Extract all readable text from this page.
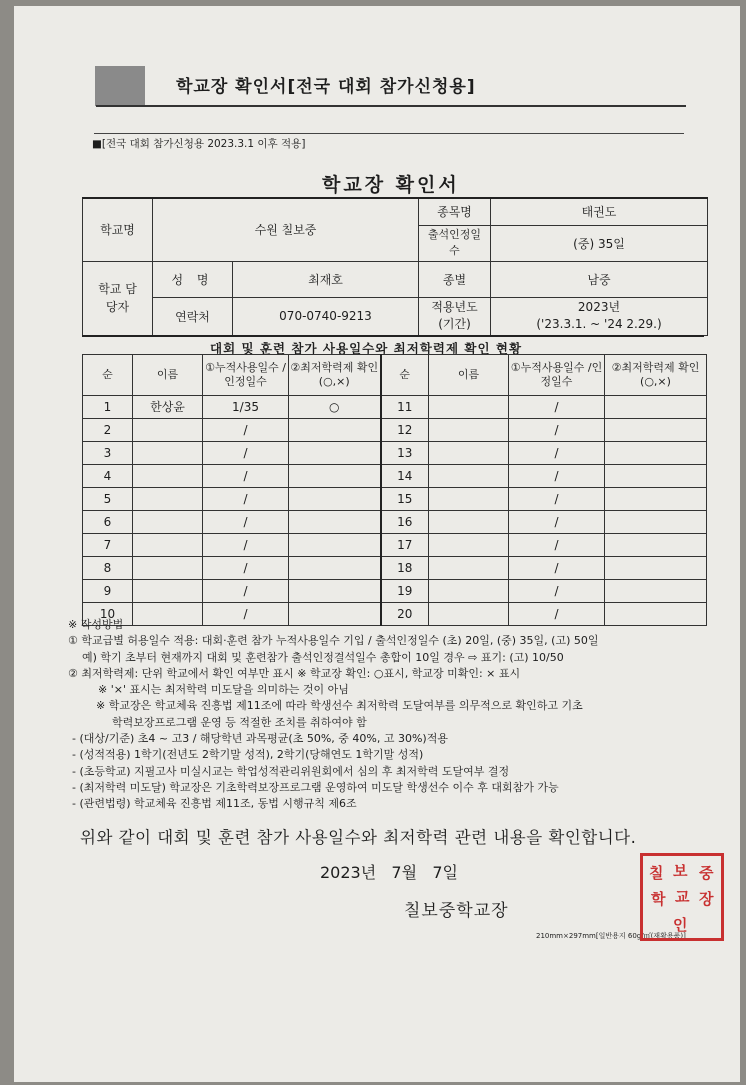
학교장 확인서[전국 대회 참가신청용]
■[전국 대회 참가신청용 2023.3.1 이후 적용]
학교장 확인서
학교명	수원 칠보중		종목명	태권도
			출석인정일수	(중) 35일
학교 담당자	성 명	최재호	종별	남중
	연락처	070-0740-9213	적용년도 (기간)	2023년
('23.3.1. ~ '24 2.29.)
대회 및 훈련 참가 사용일수와 최저학력제 확인 현황
순	이름	①누적사용일수 /인정일수	②최저학력제 확인(○,×)	순	이름	①누적사용일수 /인정일수	②최저학력제 확인(○,×)
1	한상윤	1/35	○	11		/	
2		/		12		/	
3		/		13		/	
4		/		14		/	
5		/		15		/	
6		/		16		/	
7		/		17		/	
8		/		18		/	
9		/		19		/	
10		/		20		/	
※ 작성방법
① 학교급별 허용일수 적용: 대회·훈련 참가 누적사용일수 기입 / 출석인정일수 (초) 20일, (중) 35일, (고) 50일
예) 학기 초부터 현재까지 대회 및 훈련참가 출석인정결석일수 총합이 10일 경우 ⇨ 표기: (고) 10/50
② 최저학력제: 단위 학교에서 확인 여부만 표시 ※ 학교장 확인: ○표시, 학교장 미확인: × 표시
※ '×' 표시는 최저학력 미도달을 의미하는 것이 아님
※ 학교장은 학교체육 진흥법 제11조에 따라 학생선수 최저학력 도달여부를 의무적으로 확인하고 기초
학력보장프로그램 운영 등 적절한 조치를 취하여야 함
- (대상/기준) 초4 ~ 고3 / 해당학년 과목평균(초 50%, 중 40%, 고 30%)적용
- (성적적용) 1학기(전년도 2학기말 성적), 2학기(당해연도 1학기말 성적)
- (초등학교) 지필고사 미실시교는 학업성적관리위원회에서 심의 후 최저학력 도달여부 결정
- (최저학력 미도달) 학교장은 기초학력보장프로그램 운영하여 미도달 학생선수 이수 후 대회참가 가능
- (관련법령) 학교체육 진흥법 제11조, 동법 시행규칙 제6조
위와 같이 대회 및 훈련 참가 사용일수와 최저학력 관련 내용을 확인합니다.
2023년   7월   7일
칠보중학교장
210mm×297mm[일반용지 60g/㎡(재활용품)]
칠 보 중
학 교 장
인
